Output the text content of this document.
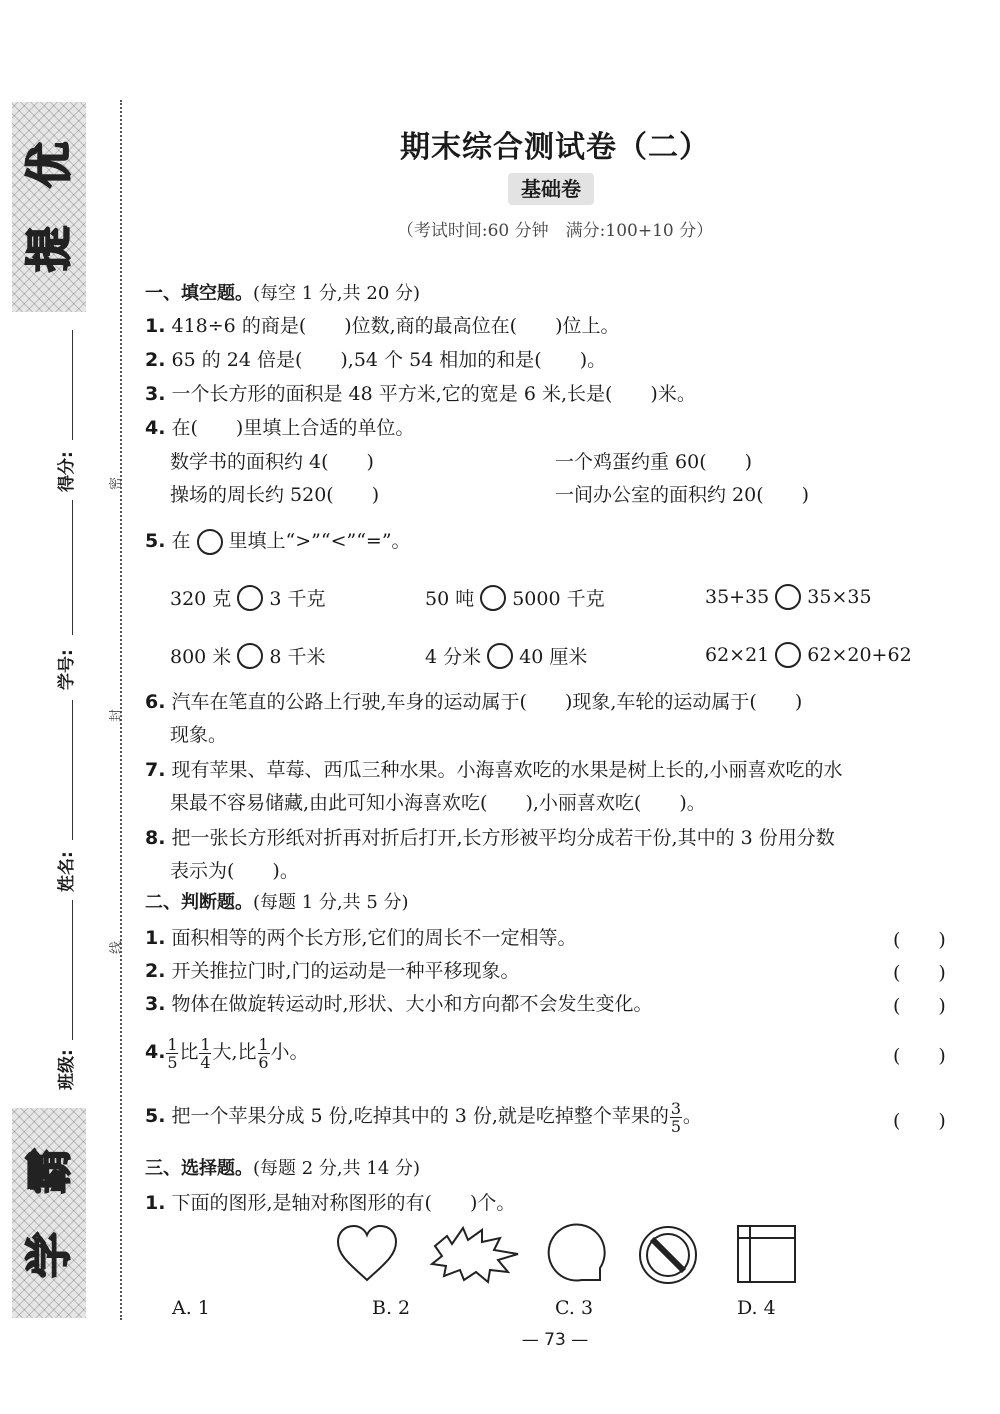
优
提
霸
学
得分:
学号:
姓名:
班级:
密
封
线
期末综合测试卷（二）
基础卷
（考试时间:60 分钟　满分:100+10 分）
一、填空题。(每空 1 分,共 20 分)
1. 418÷6 的商是(　　)位数,商的最高位在(　　)位上。
2. 65 的 24 倍是(　　),54 个 54 相加的和是(　　)。
3. 一个长方形的面积是 48 平方米,它的宽是 6 米,长是(　　)米。
4. 在(　　)里填上合适的单位。
数学书的面积约 4(　　)	一个鸡蛋约重 60(　　)
操场的周长约 520(　　)	一间办公室的面积约 20(　　)
5. 在 里填上“>”“<”“=”。
320 克 3 千克	50 吨 5000 千克	35+35 35×35
800 米 8 千米	4 分米 40 厘米	62×21 62×20+62
6. 汽车在笔直的公路上行驶,车身的运动属于(　　)现象,车轮的运动属于(　　)
现象。
7. 现有苹果、草莓、西瓜三种水果。小海喜欢吃的水果是树上长的,小丽喜欢吃的水
果最不容易储藏,由此可知小海喜欢吃(　　),小丽喜欢吃(　　)。
8. 把一张长方形纸对折再对折后打开,长方形被平均分成若干份,其中的 3 份用分数
表示为(　　)。
二、判断题。(每题 1 分,共 5 分)
1. 面积相等的两个长方形,它们的周长不一定相等。	(　　)
2. 开关推拉门时,门的运动是一种平移现象。	(　　)
3. 物体在做旋转运动时,形状、大小和方向都不会发生变化。	(　　)
4. $\frac{1}{5}$ 比 $\frac{1}{4}$ 大,比 $\frac{1}{6}$ 小。	(　　)
5. 把一个苹果分成 5 份,吃掉其中的 3 份,就是吃掉整个苹果的 $\frac{3}{5}$ 。	(　　)
三、选择题。(每题 2 分,共 14 分)
1. 下面的图形,是轴对称图形的有(　　)个。
A. 1	B. 2	C. 3	D. 4
— 73 —
